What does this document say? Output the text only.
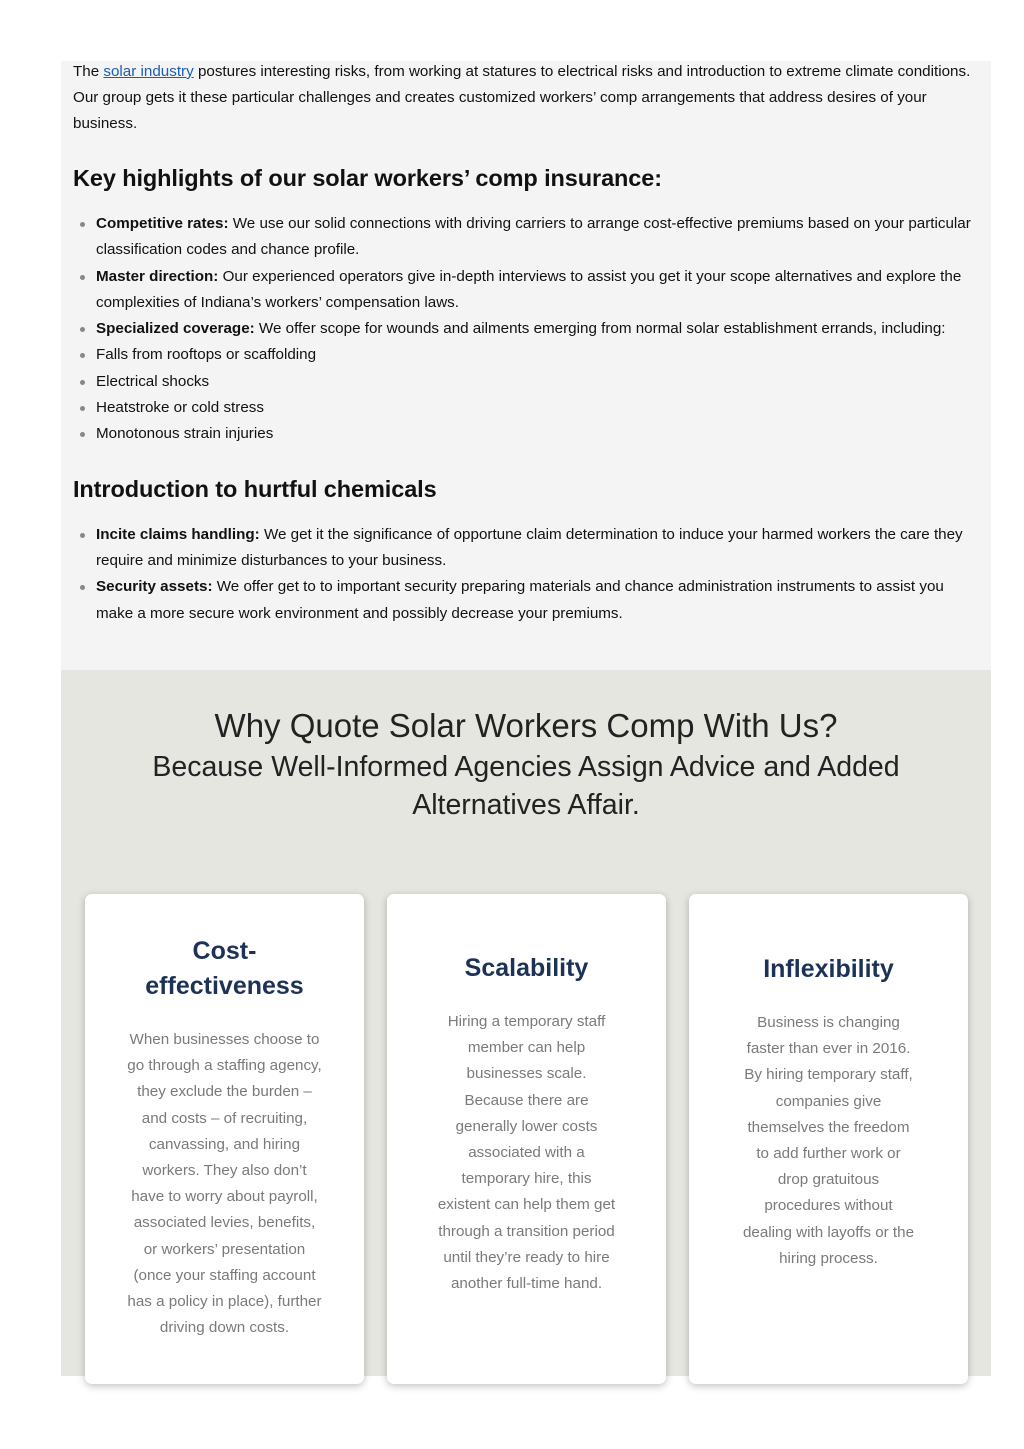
The solar industry postures interesting risks, from working at statures to electrical risks and introduction to extreme climate conditions. Our group gets it these particular challenges and creates customized workers’ comp arrangements that address desires of your business.

Key highlights of our solar workers’ comp insurance:
Competitive rates: We use our solid connections with driving carriers to arrange cost-effective premiums based on your particular classification codes and chance profile.
Master direction: Our experienced operators give in-depth interviews to assist you get it your scope alternatives and explore the complexities of Indiana’s workers’ compensation laws.
Specialized coverage: We offer scope for wounds and ailments emerging from normal solar establishment errands, including:
Falls from rooftops or scaffolding
Electrical shocks
Heatstroke or cold stress
Monotonous strain injuries
Introduction to hurtful chemicals
Incite claims handling: We get it the significance of opportune claim determination to induce your harmed workers the care they require and minimize disturbances to your business.
Security assets: We offer get to to important security preparing materials and chance administration instruments to assist you make a more secure work environment and possibly decrease your premiums.
Why Quote Solar Workers Comp With Us?
Because Well-Informed Agencies Assign Advice and Added Alternatives Affair.
Cost-effectiveness

When businesses choose to go through a staffing agency, they exclude the burden – and costs – of recruiting, canvassing, and hiring workers. They also don’t have to worry about payroll, associated levies, benefits, or workers’ presentation (once your staffing account has a policy in place), further driving down costs.

Scalability

Hiring a temporary staff member can help businesses scale. Because there are generally lower costs associated with a temporary hire, this existent can help them get through a transition period until they’re ready to hire another full-time hand.

Inflexibility

Business is changing faster than ever in 2016. By hiring temporary staff, companies give themselves the freedom to add further work or drop gratuitous procedures without dealing with layoffs or the hiring process.
